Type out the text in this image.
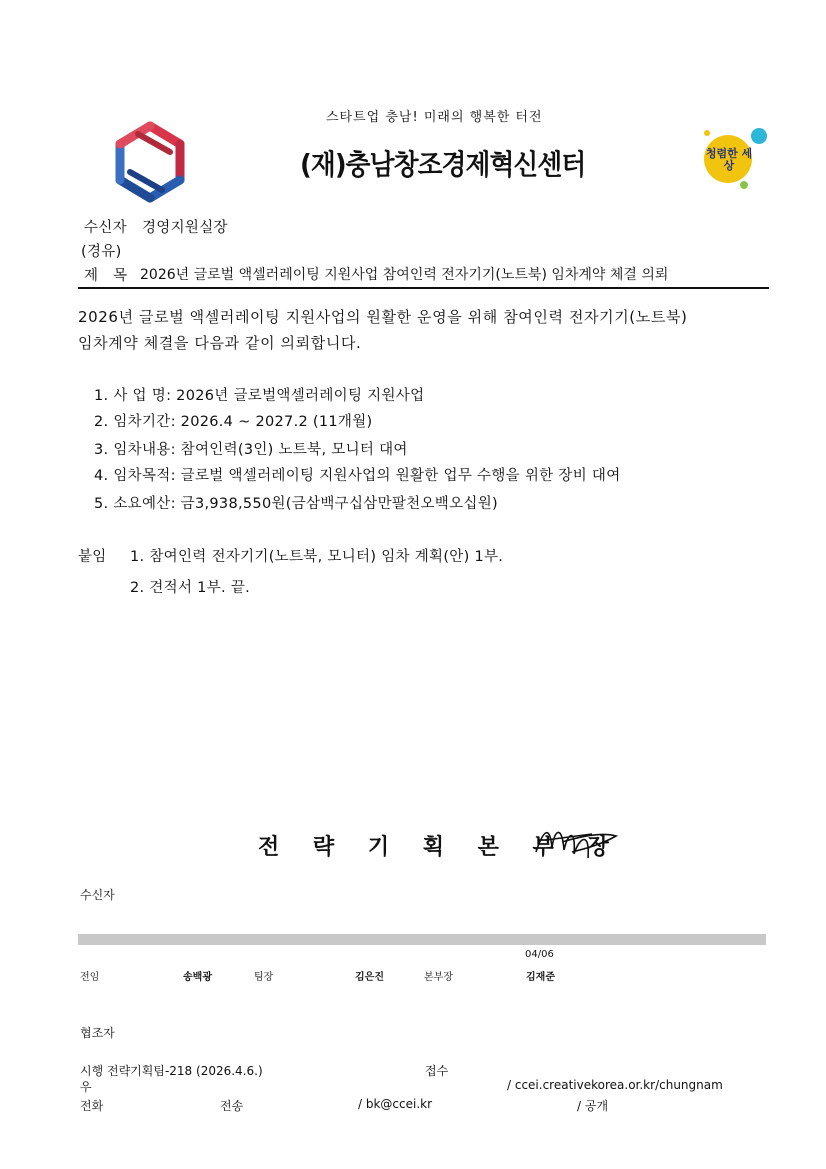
스타트업 충남! 미래의 행복한 터전
(재)충남창조경제혁신센터	청렴한 세상
수신자 경영지원실장
(경유)
제   목 2026년 글로벌 액셀러레이팅 지원사업 참여인력 전자기기(노트북) 임차계약 체결 의뢰
2026년 글로벌 액셀러레이팅 지원사업의 원활한 운영을 위해 참여인력 전자기기(노트북)
임차계약 체결을 다음과 같이 의뢰합니다.
1. 사 업 명: 2026년 글로벌액셀러레이팅 지원사업
2. 임차기간: 2026.4 ~ 2027.2 (11개월)
3. 임차내용: 참여인력(3인) 노트북, 모니터 대여
4. 임차목적: 글로벌 액셀러레이팅 지원사업의 원활한 업무 수행을 위한 장비 대여
5. 소요예산: 금3,938,550원(금삼백구십삼만팔천오백오십원)
붙임 1. 참여인력 전자기기(노트북, 모니터) 임차 계획(안) 1부.
2. 견적서 1부. 끝.
전 략 기 획 본 부 장
수신자
04/06
전임	송백광	팀장	김은진	본부장	김재준
협조자
시행 전략기획팀-218 (2026.4.6.)	접수
우	/ ccei.creativekorea.or.kr/chungnam
전화	전송	/ bk@ccei.kr	/ 공개
